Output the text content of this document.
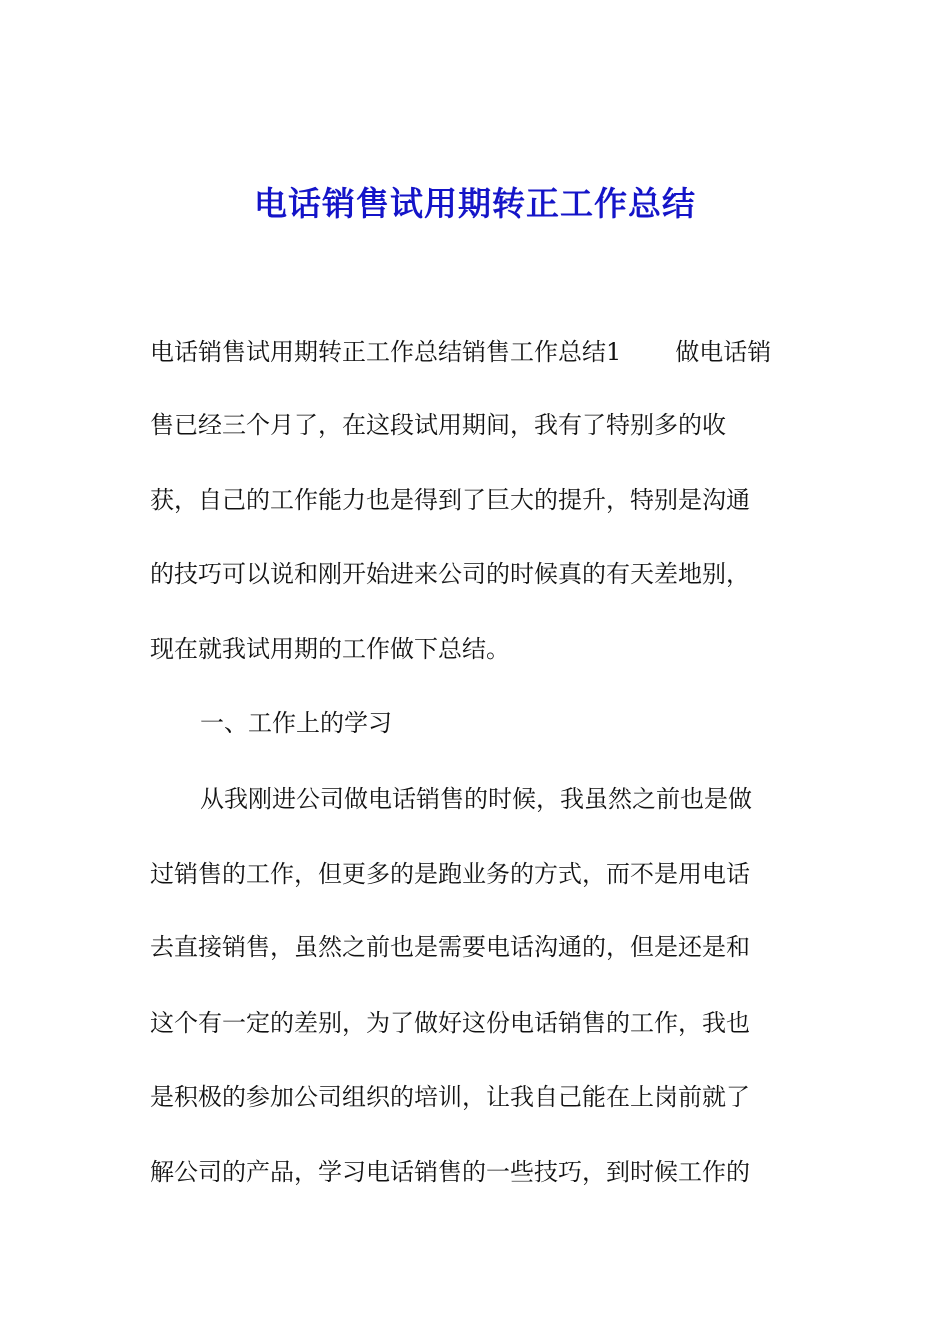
电话销售试用期转正工作总结
电话销售试用期转正工作总结销售工作总结1 做电话销
售已经三个月了，在这段试用期间，我有了特别多的收
获，自己的工作能力也是得到了巨大的提升，特别是沟通
的技巧可以说和刚开始进来公司的时候真的有天差地别，
现在就我试用期的工作做下总结。
一、工作上的学习
从我刚进公司做电话销售的时候，我虽然之前也是做
过销售的工作，但更多的是跑业务的方式，而不是用电话
去直接销售，虽然之前也是需要电话沟通的，但是还是和
这个有一定的差别，为了做好这份电话销售的工作，我也
是积极的参加公司组织的培训，让我自己能在上岗前就了
解公司的产品，学习电话销售的一些技巧，到时候工作的
